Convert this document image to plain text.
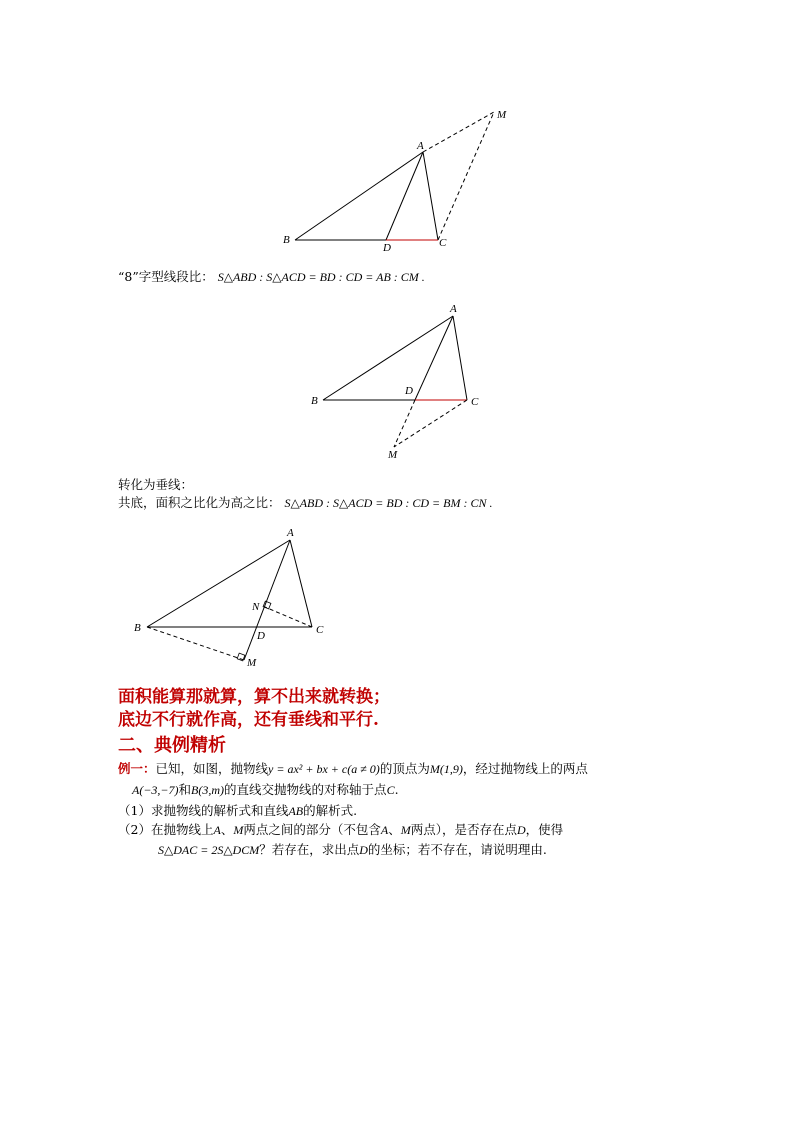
A
B	C
D
M
“8”字型线段比： S△ABD : S△ACD = BD : CD = AB : CM .
A
B	C
D
M
转化为垂线：
共底，面积之比化为高之比： S△ABD : S△ACD = BD : CD = BM : CN .
A
B	C
D
M
N
面积能算那就算，算不出来就转换；
底边不行就作高，还有垂线和平行.
二、典例精析
例一：已知，如图，抛物线y = ax² + bx + c(a ≠ 0)的顶点为M(1,9)，经过抛物线上的两点
A(−3,−7)和B(3,m)的直线交抛物线的对称轴于点C.
（1）求抛物线的解析式和直线AB的解析式.
（2）在抛物线上A、M两点之间的部分（不包含A、M两点），是否存在点D，使得
S△DAC = 2S△DCM？若存在，求出点D的坐标；若不存在，请说明理由.
